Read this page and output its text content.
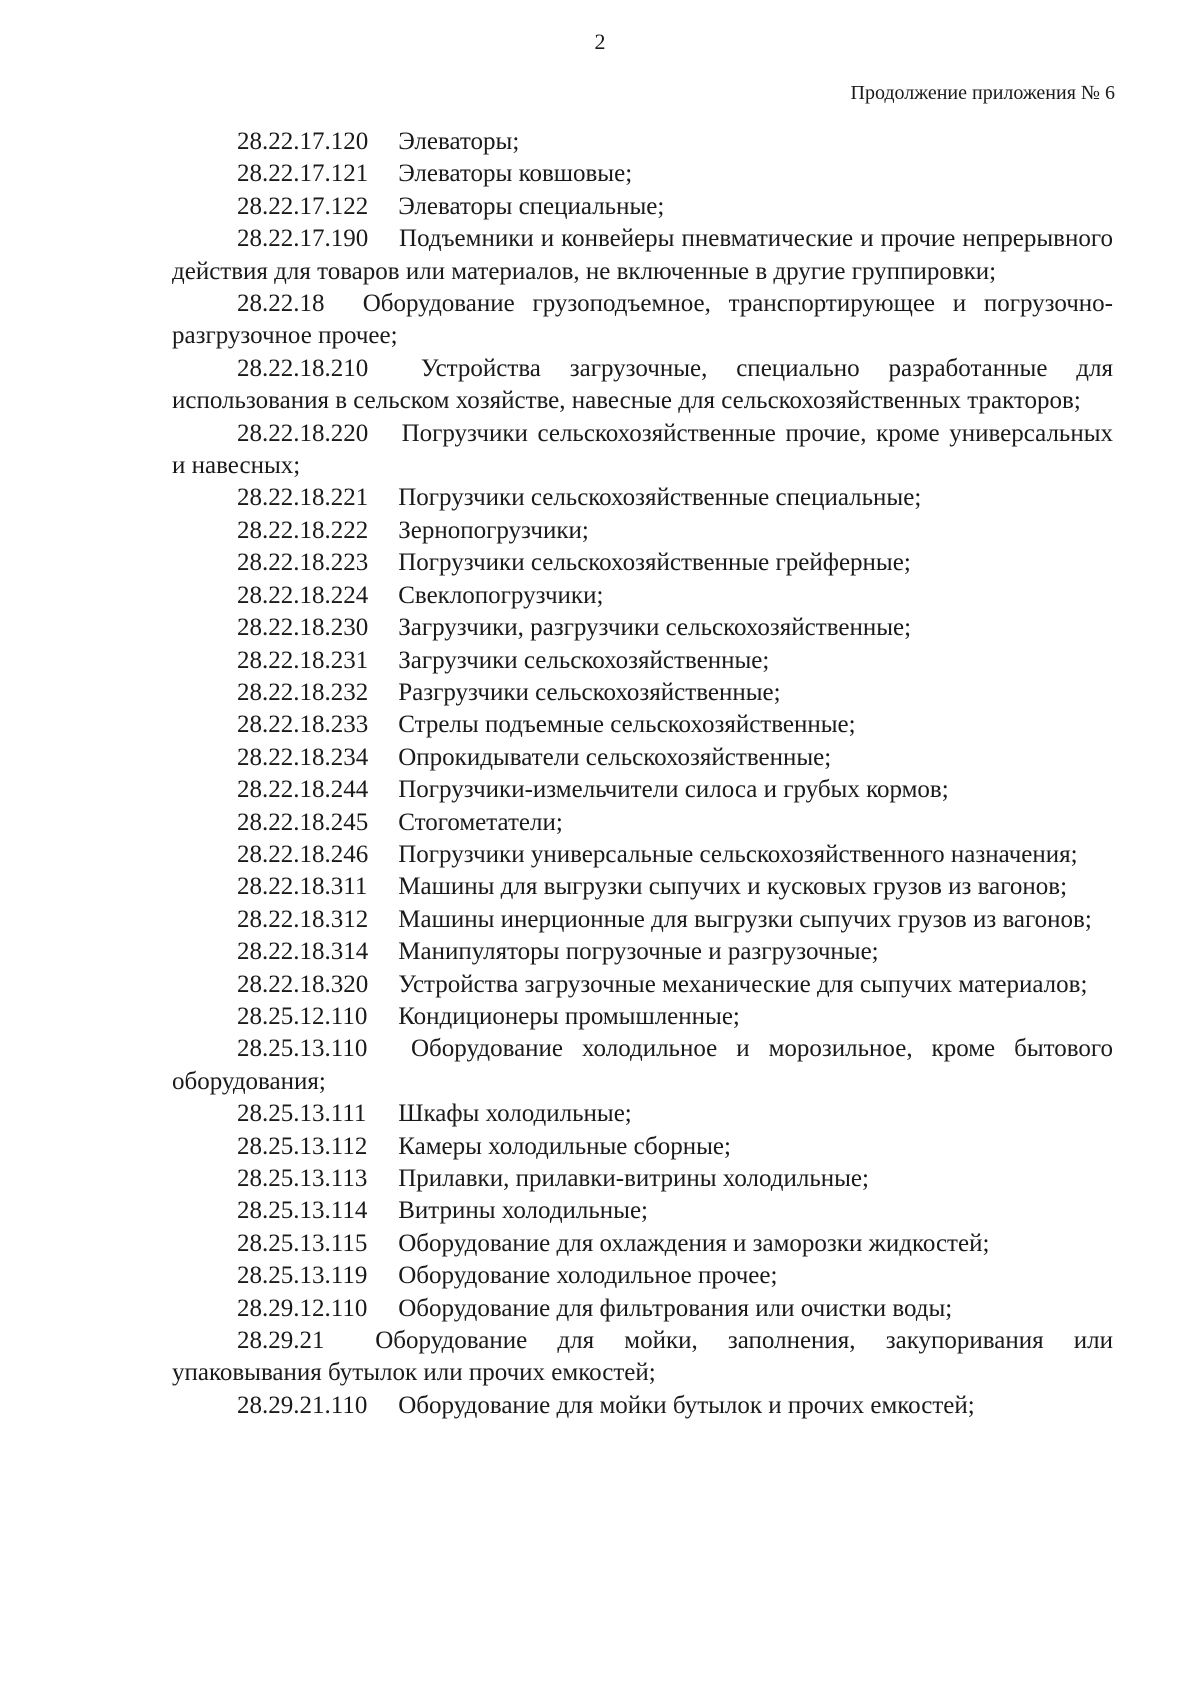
2
Продолжение приложения № 6

28.22.17.120 Элеваторы;

28.22.17.121 Элеваторы ковшовые;

28.22.17.122 Элеваторы специальные;

28.22.17.190 Подъемники и конвейеры пневматические и прочие непрерывного действия для товаров или материалов, не включенные в другие группировки;

28.22.18 Оборудование грузоподъемное, транспортирующее и погрузочно-разгрузочное прочее;

28.22.18.210 Устройства загрузочные, специально разработанные для использования в сельском хозяйстве, навесные для сельскохозяйственных тракторов;

28.22.18.220 Погрузчики сельскохозяйственные прочие, кроме универсальных и навесных;

28.22.18.221 Погрузчики сельскохозяйственные специальные;

28.22.18.222 Зернопогрузчики;

28.22.18.223 Погрузчики сельскохозяйственные грейферные;

28.22.18.224 Свеклопогрузчики;

28.22.18.230 Загрузчики, разгрузчики сельскохозяйственные;

28.22.18.231 Загрузчики сельскохозяйственные;

28.22.18.232 Разгрузчики сельскохозяйственные;

28.22.18.233 Стрелы подъемные сельскохозяйственные;

28.22.18.234 Опрокидыватели сельскохозяйственные;

28.22.18.244 Погрузчики-измельчители силоса и грубых кормов;

28.22.18.245 Стогометатели;

28.22.18.246 Погрузчики универсальные сельскохозяйственного назначения;

28.22.18.311 Машины для выгрузки сыпучих и кусковых грузов из вагонов;

28.22.18.312 Машины инерционные для выгрузки сыпучих грузов из вагонов;

28.22.18.314 Манипуляторы погрузочные и разгрузочные;

28.22.18.320 Устройства загрузочные механические для сыпучих материалов;

28.25.12.110 Кондиционеры промышленные;

28.25.13.110 Оборудование холодильное и морозильное, кроме бытового оборудования;

28.25.13.111 Шкафы холодильные;

28.25.13.112 Камеры холодильные сборные;

28.25.13.113 Прилавки, прилавки-витрины холодильные;

28.25.13.114 Витрины холодильные;

28.25.13.115 Оборудование для охлаждения и заморозки жидкостей;

28.25.13.119 Оборудование холодильное прочее;

28.29.12.110 Оборудование для фильтрования или очистки воды;

28.29.21 Оборудование для мойки, заполнения, закупоривания или упаковывания бутылок или прочих емкостей;

28.29.21.110 Оборудование для мойки бутылок и прочих емкостей;
